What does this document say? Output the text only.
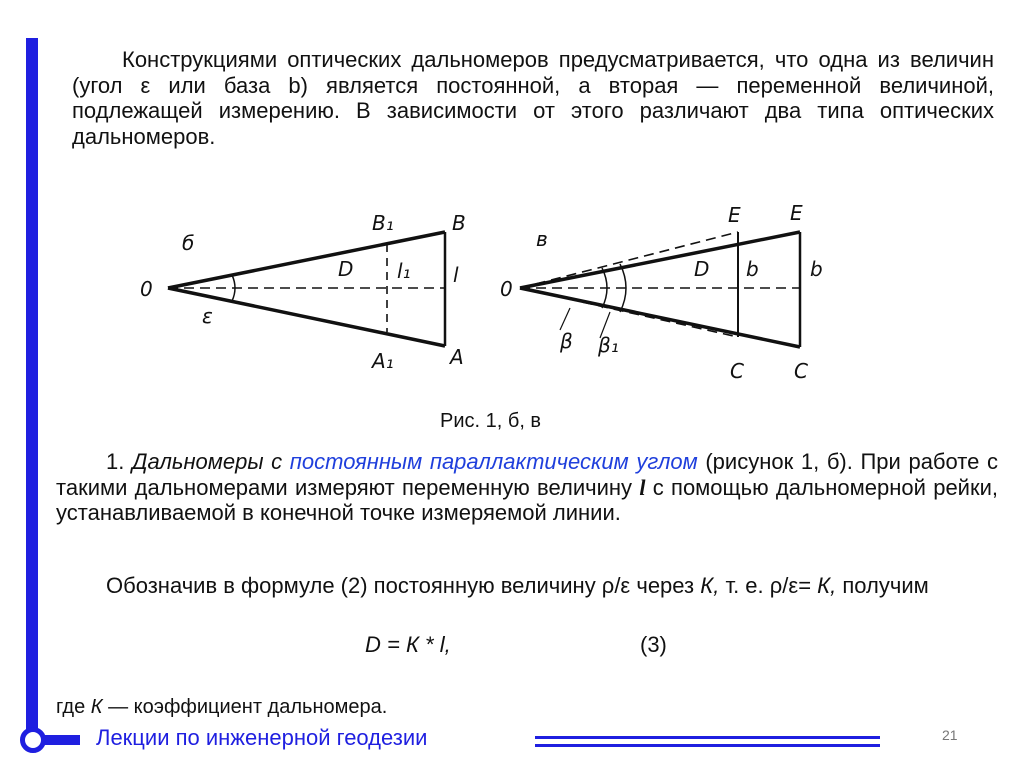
Конструкциями оптических дальномеров предусматривается, что одна из величин (угол ε или база b) является постоянной, а вторая — переменной величиной, подлежащей измерению. В зависимости от этого различают два типа оптических дальномеров.
б
0
B₁	B
D l₁ l
ε
A₁	A
в
0
E E
D b	b
β β₁
C	C
Рис. 1, б, в
1. Дальномеры с постоянным параллактическим углом (рисунок 1, б). При работе с такими дальномерами измеряют переменную величину l с помощью дальномерной рейки, устанавливаемой в конечной точке измеряемой линии.
Обозначив в формуле (2) постоянную величину ρ/ε через К, т. е. ρ/ε= К, получим
D = К * l,	(3)
где К — коэффициент дальномера.
Лекции по инженерной геодезии	21
